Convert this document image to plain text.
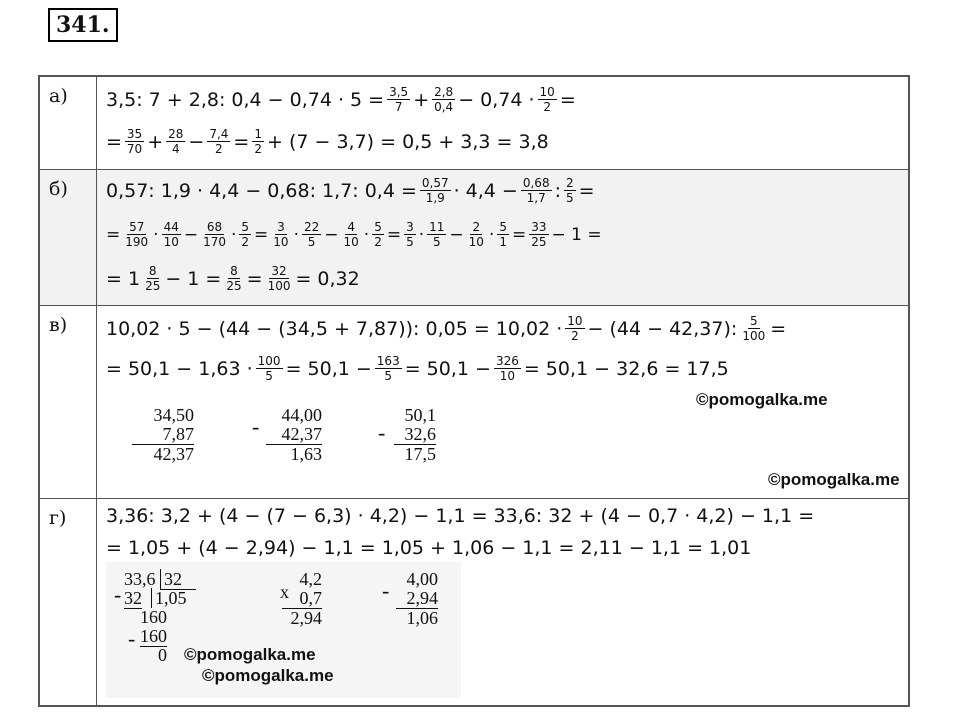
341.
а)	3,5: 7 + 2,8: $0,4 - 0,74 \cdot 5 = \frac{3,5}{7} + \frac{2,8}{0,4} - 0,74 \cdot \frac{10}{2}$ =
= $\frac{35}{70} + \frac{28}{4} - \frac{7,4}{2} = \frac{1}{2} + (7 - 3,7) = 0,5 + 3,3 = 3,8$
б)	0,57: 1,9 · 4,4 − 0,68: 1,7: $0,4 = \frac{0,57}{1,9} \cdot 4,4 - \frac{0,68}{1,7}$ : $\frac{2}{5}$ =
= $\frac{57}{190} \cdot 44$
$10 - \frac{68}{170} \cdot \frac{5}{2} = \frac{3}{10} \cdot 22$
$5 - \frac{4}{10} \cdot \frac{5}{2} = \frac{3}{5} \cdot 11$
$5 - \frac{2}{10} \cdot \frac{5}{1} = \frac{33}{25} - 1$ =
= 1 8
$25 - 1 = \frac{8}{25} = \frac{32}{100} = 0,32$
в)	10,02 · 5 − (44 − (34,5 + 7,87)): 0,05 = 10,02 · 10
2 − (44 − 42,37): $\frac{5}{100}$ =
= $50,1 - 1,63 \cdot \frac{100}{5} = 50,1 - \frac{163}{5} = 50,1 - \frac{326}{10} = 50,1 - 32,6 = 17,5$
34,50
7,87
42,37
-	44,00
42,37
1,63
-
50,1
32,6
17,5
г)	3,36: 3,2 + (4 − (7 − 6,3) · 4,2) − 1,1 = 33,6: 32 + (4 − 0,7 · 4,2) − 1,1 =
= 1,05 + (4 − 2,94) − 1,1 = 1,05 + 1,06 − 1,1 = 2,11 − 1,1 = 1,01
-
33,6 32
32 1,05
160
160
0
-
x
4,2
0,7
2,94
- 4,00
2,94
1,06
©pomogalka.me
©pomogalka.me
©pomogalka.me
©pomogalka.me
